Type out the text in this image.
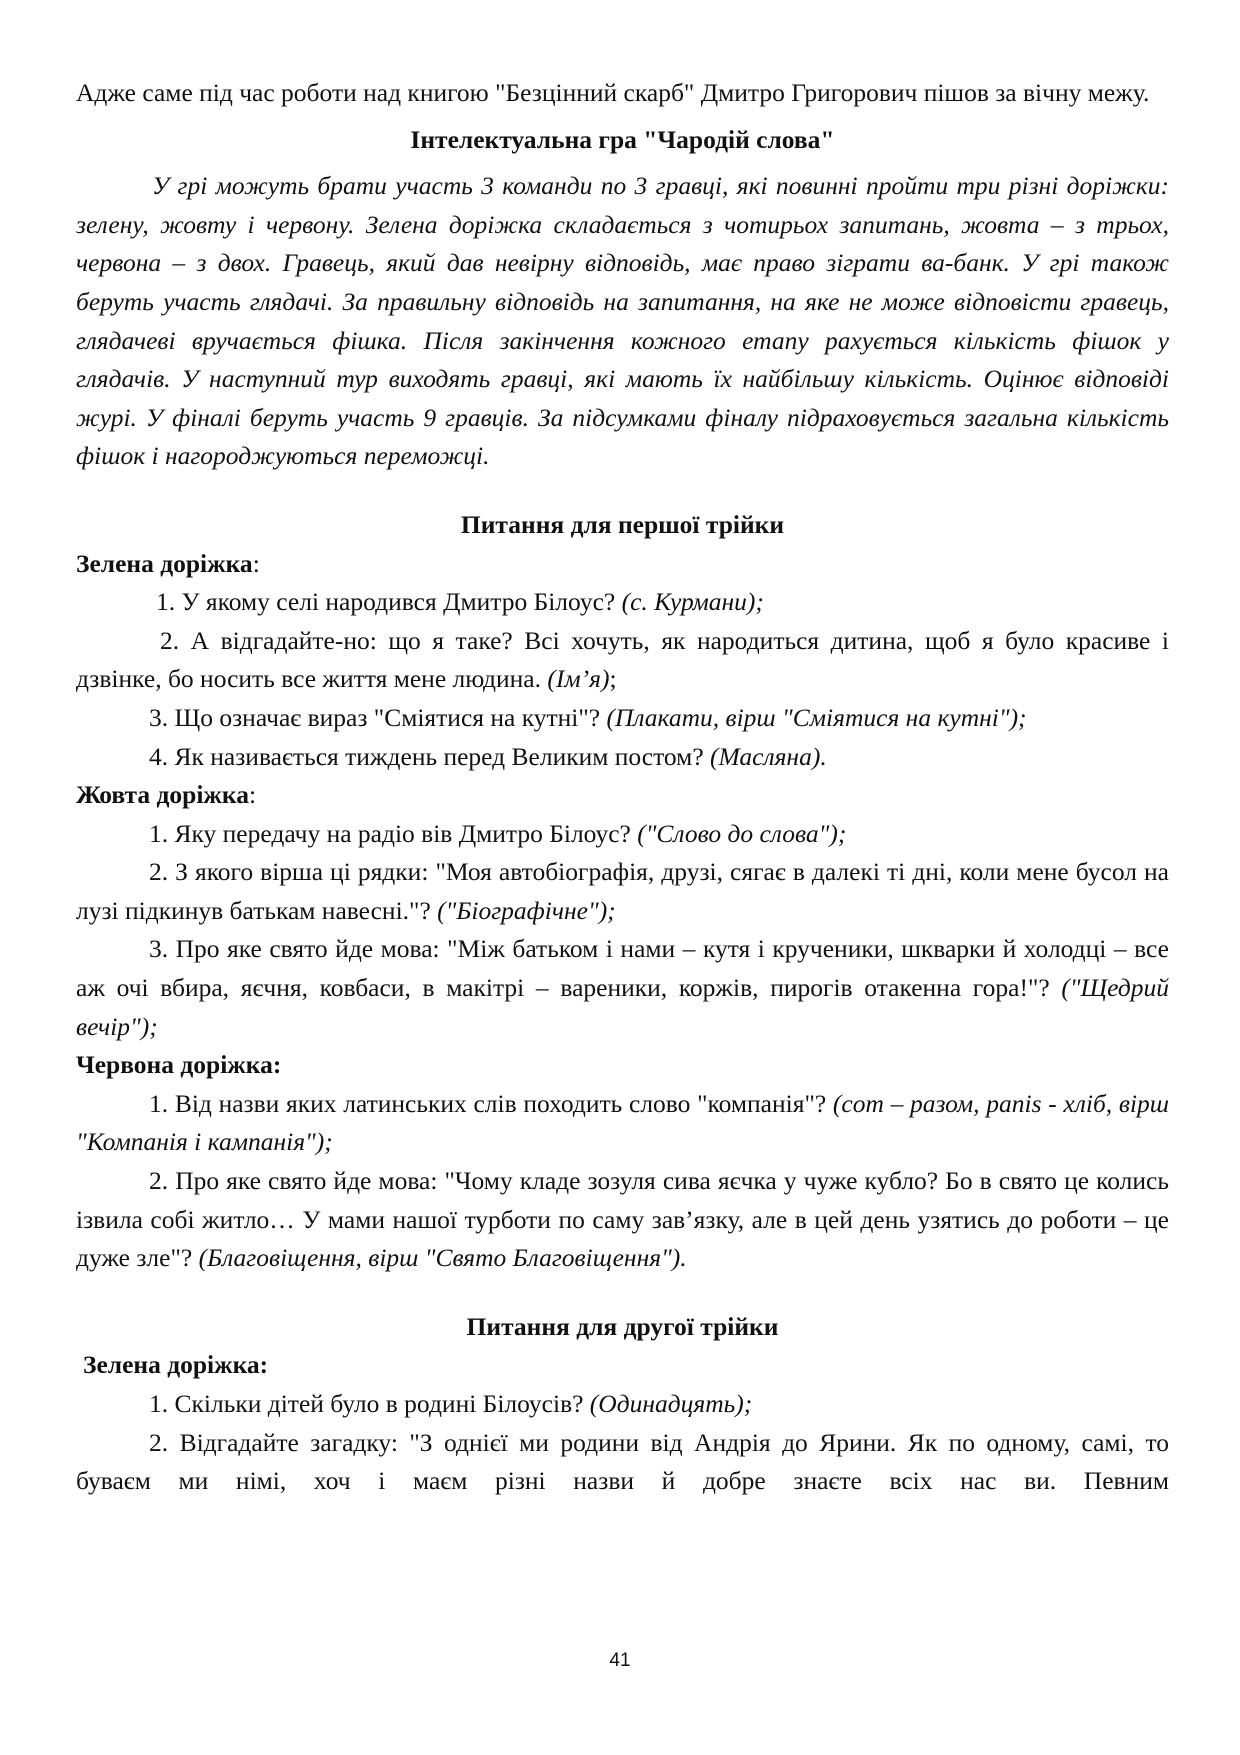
Адже саме під час роботи над книгою "Безцінний скарб" Дмитро Григорович пішов за вічну межу.

Інтелектуальна гра "Чародій слова"

У грі можуть брати участь 3 команди по 3 гравці, які повинні пройти три різні доріжки: зелену, жовту і червону. Зелена доріжка складається з чотирьох запитань, жовта – з трьох, червона – з двох. Гравець, який дав невірну відповідь, має право зіграти ва-банк. У грі також беруть участь глядачі. За правильну відповідь на запитання, на яке не може відповісти гравець, глядачеві вручається фішка. Після закінчення кожного етапу рахується кількість фішок у глядачів. У наступний тур виходять гравці, які мають їх найбільшу кількість. Оцінює відповіді журі. У фіналі беруть участь 9 гравців. За підсумками фіналу підраховується загальна кількість фішок і нагороджуються переможці.

Питання для першої трійки

Зелена доріжка:

1. У якому селі народився Дмитро Білоус? (с. Курмани);

2. А відгадайте-но: що я таке? Всі хочуть, як народиться дитина, щоб я було красиве і дзвінке, бо носить все життя мене людина. (Ім’я);

3. Що означає вираз "Сміятися на кутні"? (Плакати, вірш "Сміятися на кутні");

4. Як називається тиждень перед Великим постом? (Масляна).

Жовта доріжка:

1. Яку передачу на радіо вів Дмитро Білоус? ("Слово до слова");

2. З якого вірша ці рядки: "Моя автобіографія, друзі, сягає в далекі ті дні, коли мене бусол на лузі підкинув батькам навесні."? ("Біографічне");

3. Про яке свято йде мова: "Між батьком і нами – кутя і крученики, шкварки й холодці – все аж очі вбира, яєчня, ковбаси, в макітрі – вареники, коржів, пирогів отакенна гора!"? ("Щедрий вечір");

Червона доріжка:

1. Від назви яких латинських слів походить слово "компанія"? (com – разом, panis - хліб, вірш "Компанія і кампанія");

2. Про яке свято йде мова: "Чому кладе зозуля сива яєчка у чуже кубло? Бо в свято це колись ізвила собі житло… У мами нашої турботи по саму зав’язку, але в цей день узятись до роботи – це дуже зле"? (Благовіщення, вірш "Свято Благовіщення").

Питання для другої трійки

Зелена доріжка:

1. Скільки дітей було в родині Білоусів? (Одинадцять);

2. Відгадайте загадку: "З однієї ми родини від Андрія до Ярини. Як по одному, самі, то буваєм ми німі, хоч і маєм різні назви й добре знаєте всіх нас ви. Певним

41
